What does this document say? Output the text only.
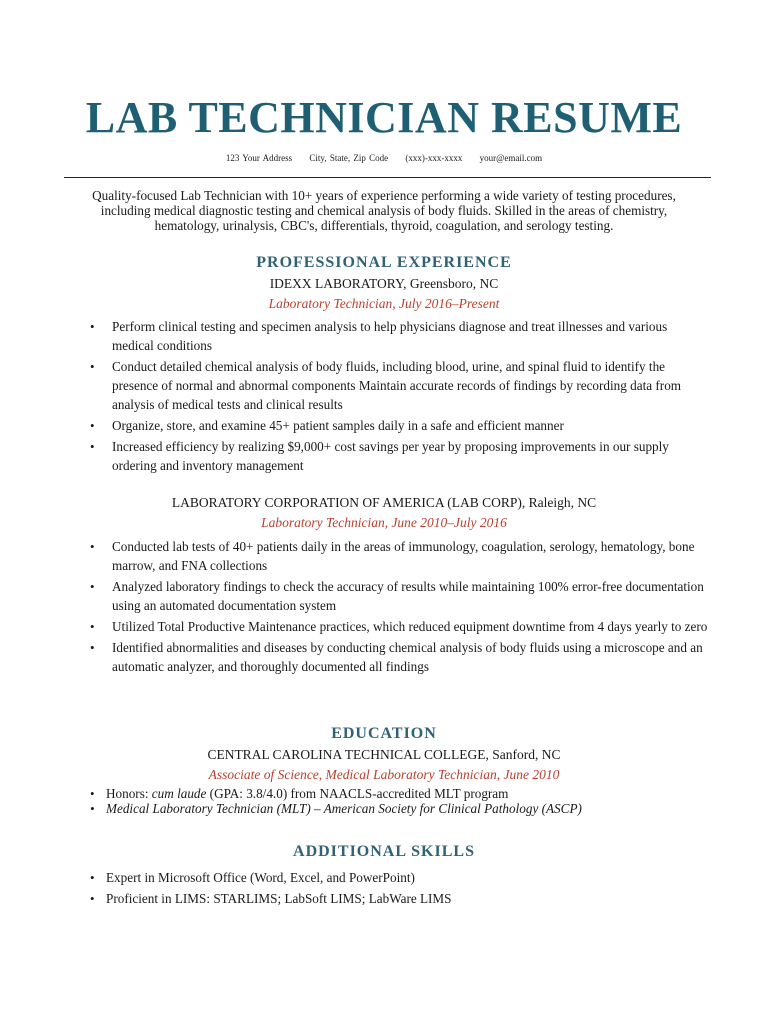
LAB TECHNICIAN RESUME
123 Your Address City, State, Zip Code (xxx)-xxx-xxxx your@email.com

Quality-focused Lab Technician with 10+ years of experience performing a wide variety of testing procedures, including medical diagnostic testing and chemical analysis of body fluids. Skilled in the areas of chemistry, hematology, urinalysis, CBC's, differentials, thyroid, coagulation, and serology testing.

PROFESSIONAL EXPERIENCE

IDEXX LABORATORY, Greensboro, NC

Laboratory Technician, July 2016–Present

• Perform clinical testing and specimen analysis to help physicians diagnose and treat illnesses and various medical conditions
• Conduct detailed chemical analysis of body fluids, including blood, urine, and spinal fluid to identify the presence of normal and abnormal components Maintain accurate records of findings by recording data from analysis of medical tests and clinical results
• Organize, store, and examine 45+ patient samples daily in a safe and efficient manner
• Increased efficiency by realizing $9,000+ cost savings per year by proposing improvements in our supply ordering and inventory management

LABORATORY CORPORATION OF AMERICA (LAB CORP), Raleigh, NC

Laboratory Technician, June 2010–July 2016

• Conducted lab tests of 40+ patients daily in the areas of immunology, coagulation, serology, hematology, bone marrow, and FNA collections
• Analyzed laboratory findings to check the accuracy of results while maintaining 100% error-free documentation using an automated documentation system
• Utilized Total Productive Maintenance practices, which reduced equipment downtime from 4 days yearly to zero
• Identified abnormalities and diseases by conducting chemical analysis of body fluids using a microscope and an automatic analyzer, and thoroughly documented all findings
EDUCATION

CENTRAL CAROLINA TECHNICAL COLLEGE, Sanford, NC

Associate of Science, Medical Laboratory Technician, June 2010

• Honors: cum laude (GPA: 3.8/4.0) from NAACLS-accredited MLT program
• Medical Laboratory Technician (MLT) – American Society for Clinical Pathology (ASCP)
ADDITIONAL SKILLS
• Expert in Microsoft Office (Word, Excel, and PowerPoint)
• Proficient in LIMS: STARLIMS; LabSoft LIMS; LabWare LIMS
